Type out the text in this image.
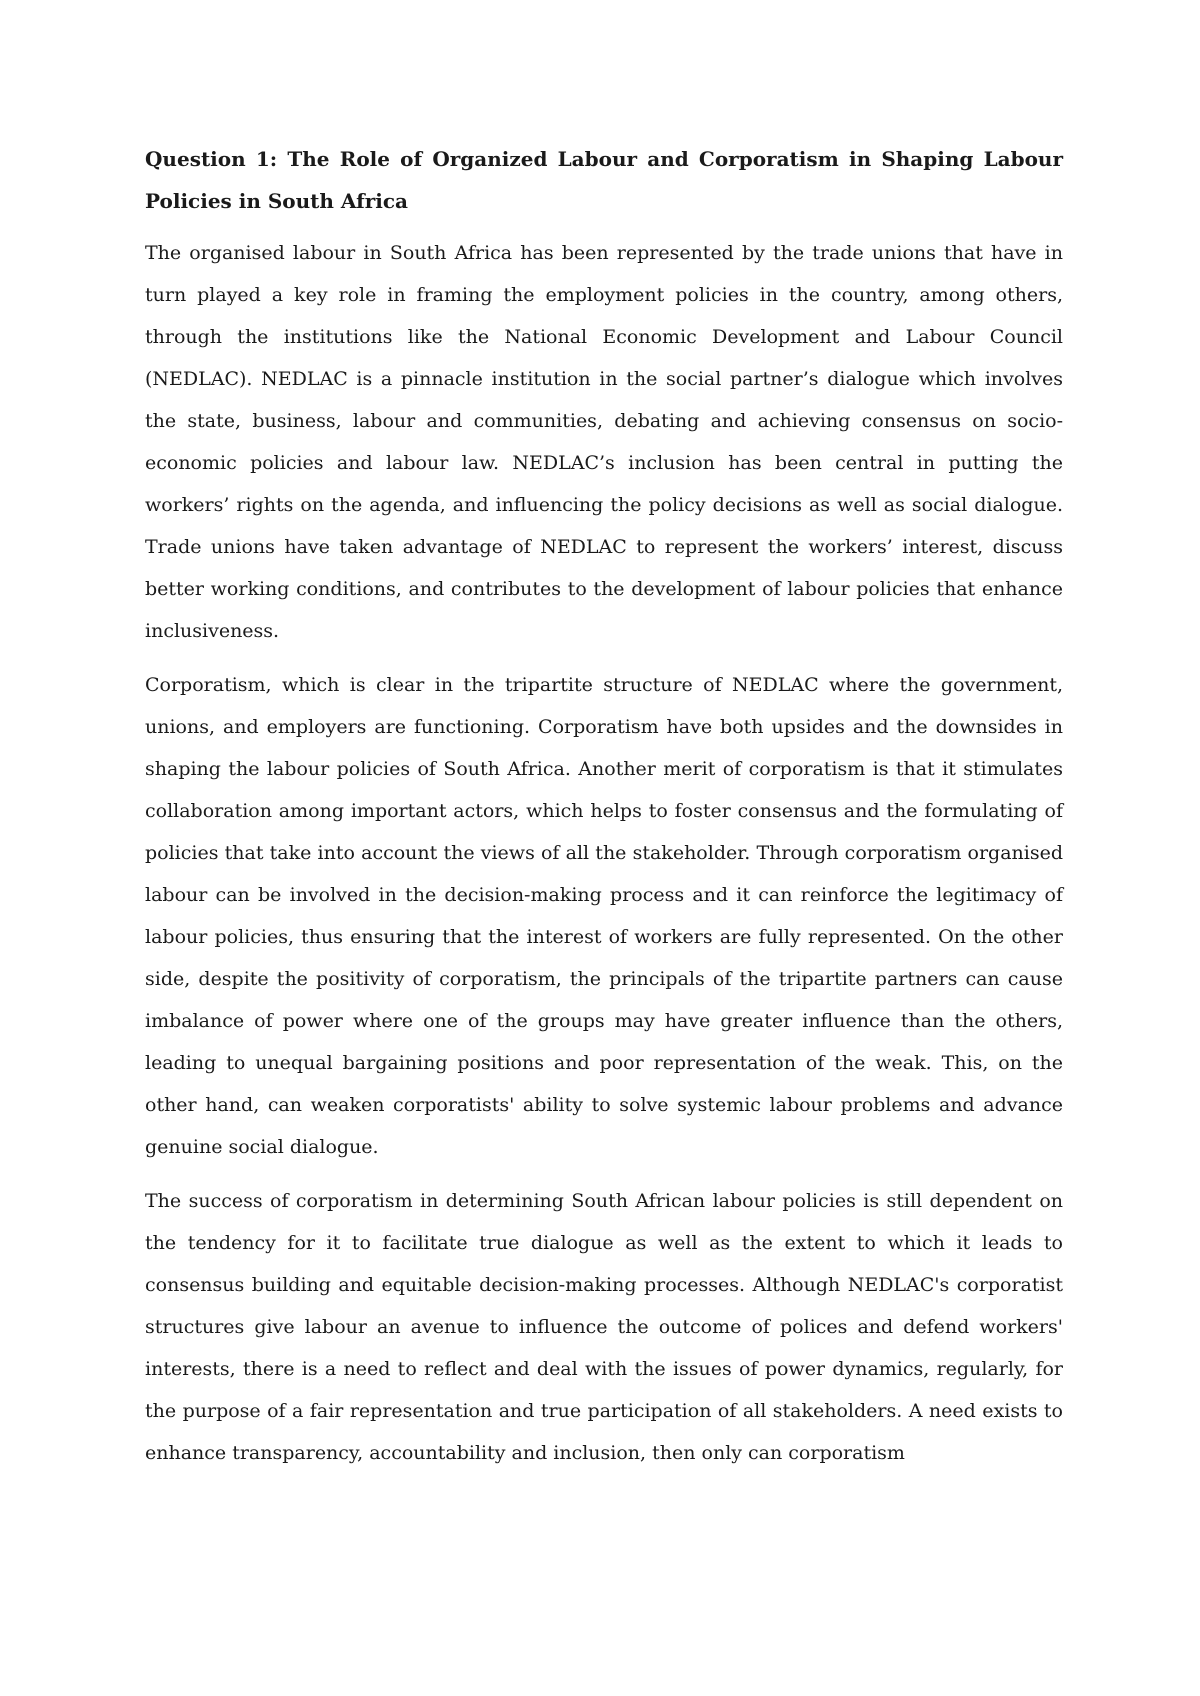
Question 1: The Role of Organized Labour and Corporatism in Shaping Labour Policies in South Africa

The organised labour in South Africa has been represented by the trade unions that have in turn played a key role in framing the employment policies in the country, among others, through the institutions like the National Economic Development and Labour Council (NEDLAC). NEDLAC is a pinnacle institution in the social partner’s dialogue which involves the state, business, labour and communities, debating and achieving consensus on socio-economic policies and labour law. NEDLAC’s inclusion has been central in putting the workers’ rights on the agenda, and influencing the policy decisions as well as social dialogue. Trade unions have taken advantage of NEDLAC to represent the workers’ interest, discuss better working conditions, and contributes to the development of labour policies that enhance inclusiveness.

Corporatism, which is clear in the tripartite structure of NEDLAC where the government, unions, and employers are functioning. Corporatism have both upsides and the downsides in shaping the labour policies of South Africa. Another merit of corporatism is that it stimulates collaboration among important actors, which helps to foster consensus and the formulating of policies that take into account the views of all the stakeholder. Through corporatism organised labour can be involved in the decision-making process and it can reinforce the legitimacy of labour policies, thus ensuring that the interest of workers are fully represented. On the other side, despite the positivity of corporatism, the principals of the tripartite partners can cause imbalance of power where one of the groups may have greater influence than the others, leading to unequal bargaining positions and poor representation of the weak. This, on the other hand, can weaken corporatists' ability to solve systemic labour problems and advance genuine social dialogue.

The success of corporatism in determining South African labour policies is still dependent on the tendency for it to facilitate true dialogue as well as the extent to which it leads to consensus building and equitable decision-making processes. Although NEDLAC's corporatist structures give labour an avenue to influence the outcome of polices and defend workers' interests, there is a need to reflect and deal with the issues of power dynamics, regularly, for the purpose of a fair representation and true participation of all stakeholders. A need exists to enhance transparency, accountability and inclusion, then only can corporatism
